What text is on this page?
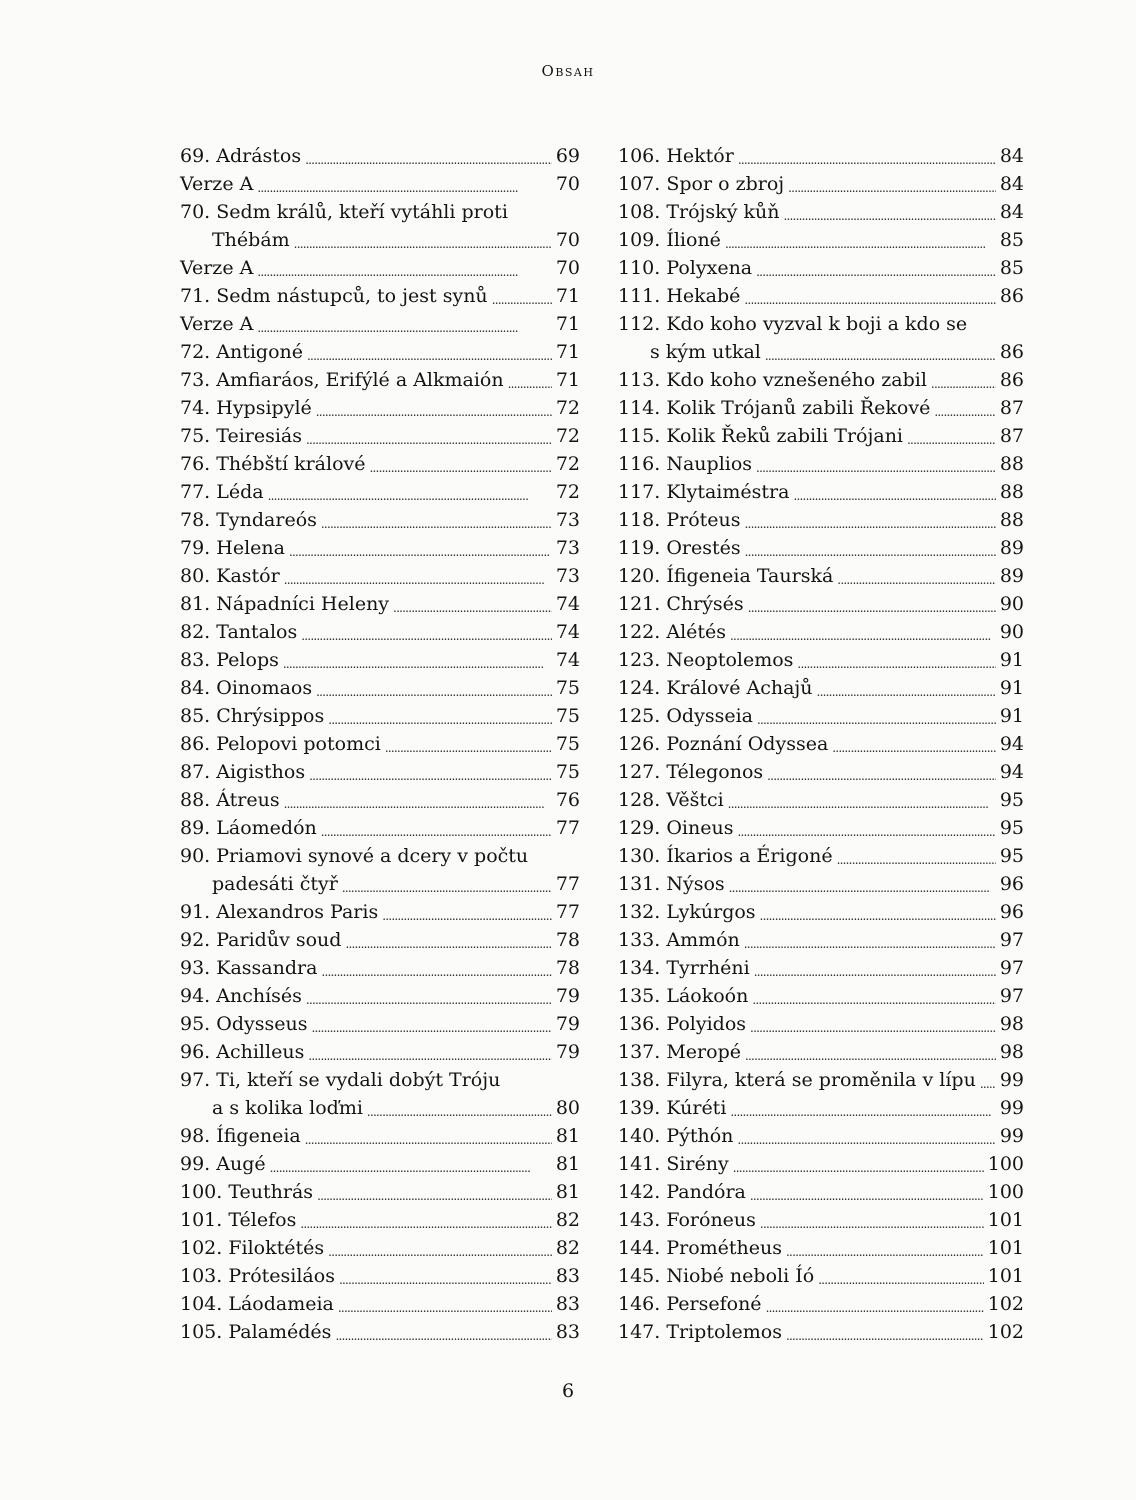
Obsah
69. Adrástos . . .	69
Verze A . . .	70
70. Sedm králů, kteří vytáhli proti
Thébám . . .	70
Verze A . . .	70
71. Sedm nástupců, to jest synů . . .	71
Verze A . . .	71
72. Antigoné . . .	71
73. Amfiaráos, Erifýlé a Alkmaión . . .	71
74. Hypsipylé . . .	72
75. Teiresiás . . .	72
76. Thébští králové . . .	72
77. Léda . . .	72
78. Tyndareós . . .	73
79. Helena . . .	73
80. Kastór . . .	73
81. Nápadníci Heleny . . .	74
82. Tantalos . . .	74
83. Pelops . . .	74
84. Oinomaos . . .	75
85. Chrýsippos . . .	75
86. Pelopovi potomci . . .	75
87. Aigisthos . . .	75
88. Átreus . . .	76
89. Láomedón . . .	77
90. Priamovi synové a dcery v počtu
padesáti čtyř . . .	77
91. Alexandros Paris . . .	77
92. Paridův soud . . .	78
93. Kassandra . . .	78
94. Anchísés . . .	79
95. Odysseus . . .	79
96. Achilleus . . .	79
97. Ti, kteří se vydali dobýt Tróju
a s kolika loďmi . . .	80
98. Ífigeneia . . .	81
99. Augé . . .	81
100. Teuthrás . . .	81
101. Télefos . . .	82
102. Filoktétés . . .	82
103. Prótesiláos . . .	83
104. Láodameia . . .	83
105. Palamédés . . .	83
106. Hektór . . .	84
107. Spor o zbroj . . .	84
108. Trójský kůň . . .	84
109. Ílioné . . .	85
110. Polyxena . . .	85
111. Hekabé . . .	86
112. Kdo koho vyzval k boji a kdo se
s kým utkal . . .	86
113. Kdo koho vznešeného zabil . . .	86
114. Kolik Trójanů zabili Řekové . . .	87
115. Kolik Řeků zabili Trójani . . .	87
116. Nauplios . . .	88
117. Klytaiméstra . . .	88
118. Próteus . . .	88
119. Orestés . . .	89
120. Ífigeneia Taurská . . .	89
121. Chrýsés . . .	90
122. Alétés . . .	90
123. Neoptolemos . . .	91
124. Králové Achajů . . .	91
125. Odysseia . . .	91
126. Poznání Odyssea . . .	94
127. Télegonos . . .	94
128. Věštci . . .	95
129. Oineus . . .	95
130. Íkarios a Érigoné . . .	95
131. Nýsos . . .	96
132. Lykúrgos . . .	96
133. Ammón . . .	97
134. Tyrrhéni . . .	97
135. Láokoón . . .	97
136. Polyidos . . .	98
137. Meropé . . .	98
138. Filyra, která se proměnila v lípu . . . 99
139. Kúréti . . .	99
140. Pýthón . . .	99
141. Sirény . . .	100
142. Pandóra . . .	100
143. Forόneus . . .	101
144. Prométheus . . .	101
145. Niobé neboli Íó . . .	101
146. Persefoné . . .	102
147. Triptolemos . . .	102
6
